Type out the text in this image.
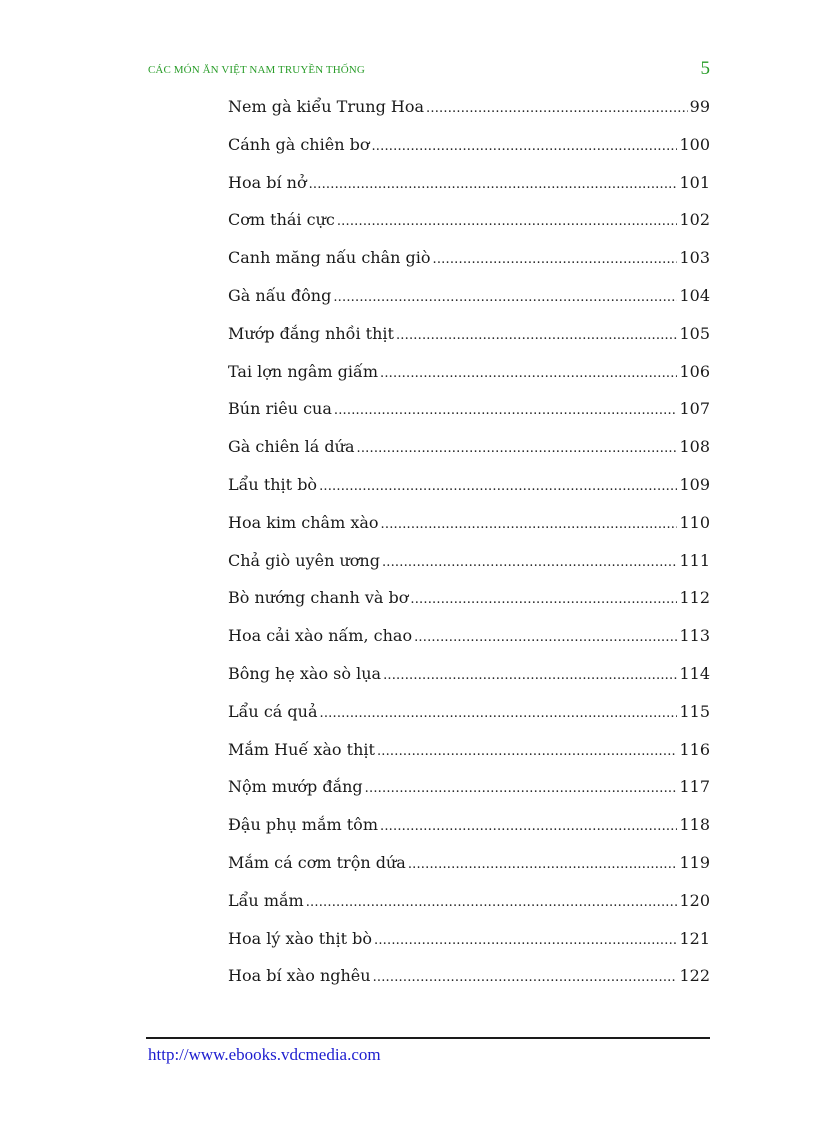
CÁC MÓN ĂN VIỆT NAM TRUYỀN THỐNG	5
Nem gà kiểu Trung Hoa .....	99
Cánh gà chiên bơ .....	100
Hoa bí nở .....	101
Cơm thái cực .....	102
Canh măng nấu chân giò .....	103
Gà nấu đông .....	104
Mướp đắng nhồi thịt .....	105
Tai lợn ngâm giấm .....	106
Bún riêu cua .....	107
Gà chiên lá dứa .....	108
Lẩu thịt bò .....	109
Hoa kim châm xào .....	110
Chả giò uyên ương .....	111
Bò nướng chanh và bơ .....	112
Hoa cải xào nấm, chao .....	113
Bông hẹ xào sò lụa .....	114
Lẩu cá quả .....	115
Mắm Huế xào thịt .....	116
Nộm mướp đắng .....	117
Đậu phụ mắm tôm .....	118
Mắm cá cơm trộn dứa .....	119
Lẩu mắm .....	120
Hoa lý xào thịt bò .....	121
Hoa bí xào nghêu .....	122
http://www.ebooks.vdcmedia.com
